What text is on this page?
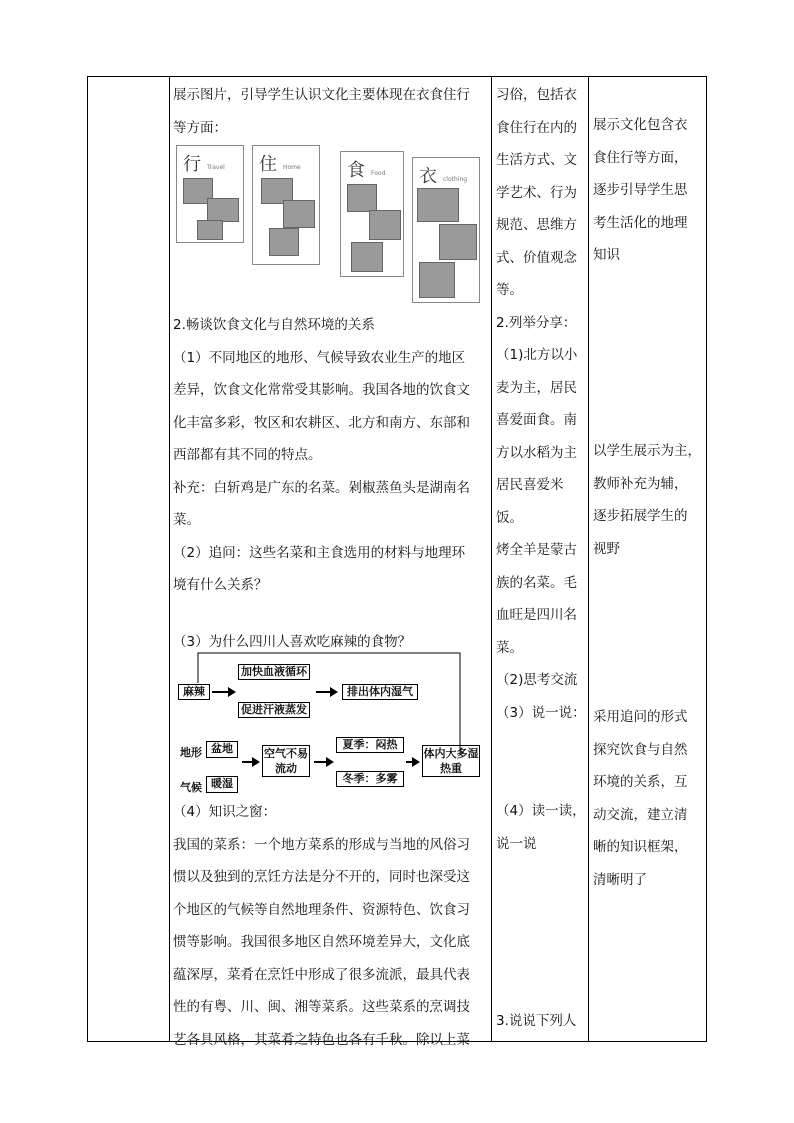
展示图片，引导学生认识文化主要体现在衣食住行

等方面：

2.畅谈饮食文化与自然环境的关系

（1）不同地区的地形、气候导致农业生产的地区

差异，饮食文化常常受其影响。我国各地的饮食文

化丰富多彩，牧区和农耕区、北方和南方、东部和

西部都有其不同的特点。

补充：白斩鸡是广东的名菜。剁椒蒸鱼头是湖南名

菜。

（2）追问：这些名菜和主食选用的材料与地理环

境有什么关系？

（3）为什么四川人喜欢吃麻辣的食物？

（4）知识之窗：

我国的菜系：一个地方菜系的形成与当地的风俗习

惯以及独到的烹饪方法是分不开的，同时也深受这

个地区的气候等自然地理条件、资源特色、饮食习

惯等影响。我国很多地区自然环境差异大，文化底

蕴深厚，菜肴在烹饪中形成了很多流派，最具代表

性的有粤、川、闽、湘等菜系。这些菜系的烹调技

艺各具风格，其菜肴之特色也各有千秋。除以上菜

行 Travel 住 Home	食 Food 衣 clothing
麻辣
加快血液循环
促进汗液蒸发
排出体内湿气
地形 盆地
气候 暖湿
空气不易流动
夏季：闷热
冬季：多雾
体内大多湿热重

习俗，包括衣

食住行在内的

生活方式、文

学艺术、行为

规范、思维方

式、价值观念

等。

2.列举分享：

（1)北方以小

麦为主，居民

喜爱面食。南

方以水稻为主

居民喜爱米饭。

烤全羊是蒙古

族的名菜。毛

血旺是四川名

菜。

（2)思考交流

（3）说一说：

（4）读一读，

说一说

3.说说下列人

展示文化包含衣

食住行等方面，

逐步引导学生思

考生活化的地理

知识

以学生展示为主，

教师补充为辅，

逐步拓展学生的

视野

采用追问的形式

探究饮食与自然

环境的关系，互

动交流，建立清

晰的知识框架，

清晰明了
